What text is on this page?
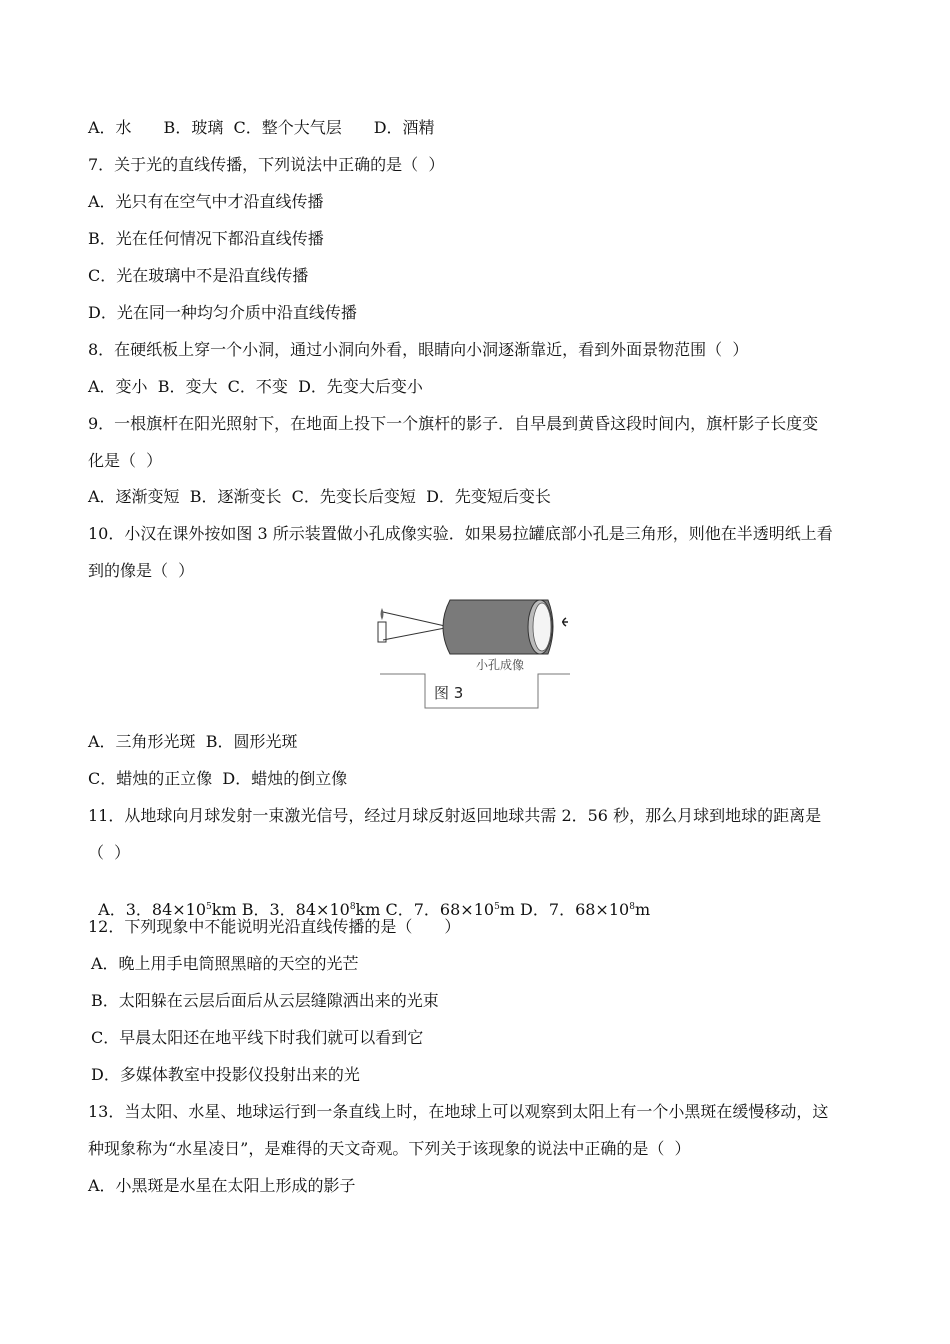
A．水　　B．玻璃  C．整个大气层　　D．酒精
7．关于光的直线传播，下列说法中正确的是（  ）
A．光只有在空气中才沿直线传播
B．光在任何情况下都沿直线传播
C．光在玻璃中不是沿直线传播
D．光在同一种均匀介质中沿直线传播
8．在硬纸板上穿一个小洞，通过小洞向外看，眼睛向小洞逐渐靠近，看到外面景物范围（  ）
A．变小  B．变大  C．不变  D．先变大后变小
9．一根旗杆在阳光照射下，在地面上投下一个旗杆的影子．自早晨到黄昏这段时间内，旗杆影子长度变
化是（  ）
A．逐渐变短  B．逐渐变长  C．先变长后变短  D．先变短后变长
10．小汉在课外按如图 3 所示装置做小孔成像实验．如果易拉罐底部小孔是三角形，则他在半透明纸上看
到的像是（  ）
小孔成像
图 3
A．三角形光斑  B．圆形光斑
C．蜡烛的正立像  D．蜡烛的倒立像
11．从地球向月球发射一束激光信号，经过月球反射返回地球共需 2．56 秒，那么月球到地球的距离是
（  ）

A．3．$84\times 10^5km$ B．3．$84\times 10^8km$ C．7．$68\times 10^5m$ D．7．$68\times 10^8m$

12．下列现象中不能说明光沿直线传播的是（　　）
A．晚上用手电筒照黑暗的天空的光芒
B．太阳躲在云层后面后从云层缝隙洒出来的光束
C．早晨太阳还在地平线下时我们就可以看到它
D．多媒体教室中投影仪投射出来的光
13．当太阳、水星、地球运行到一条直线上时，在地球上可以观察到太阳上有一个小黑斑在缓慢移动，这
种现象称为“水星凌日”，是难得的天文奇观。下列关于该现象的说法中正确的是（  ）
A．小黑斑是水星在太阳上形成的影子
